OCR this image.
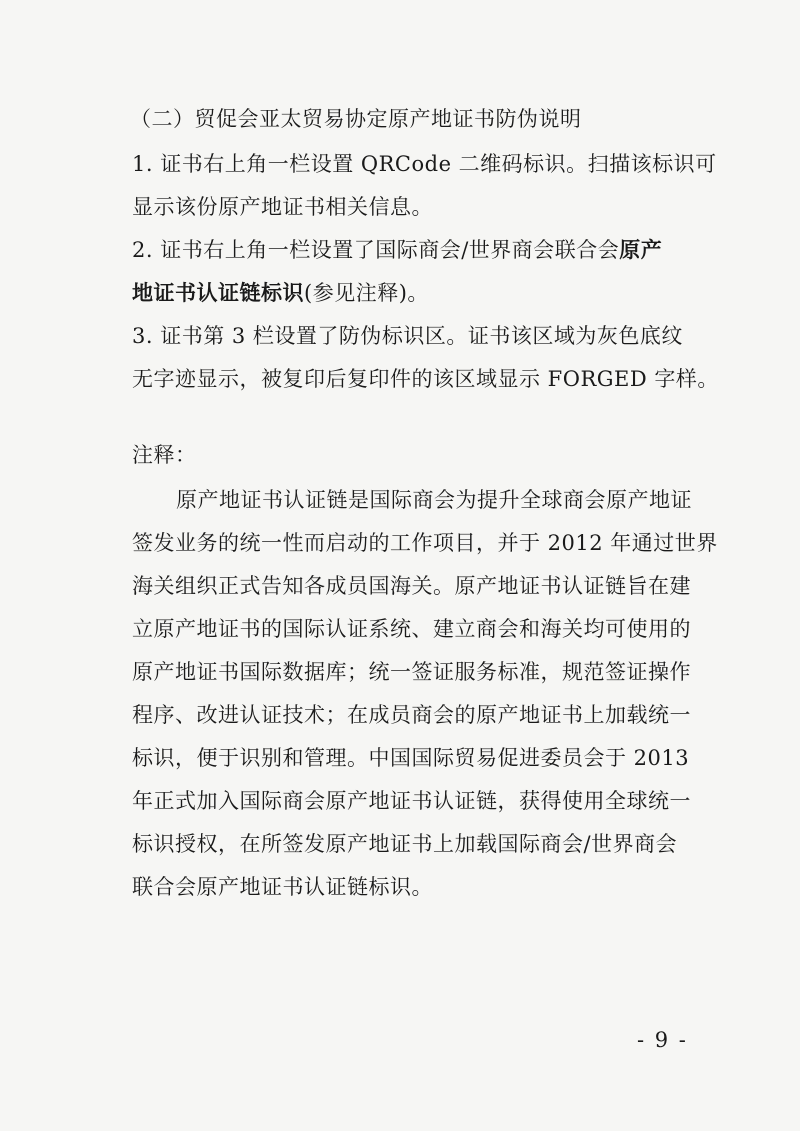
（二）贸促会亚太贸易协定原产地证书防伪说明

1. 证书右上角一栏设置 QRCode 二维码标识。扫描该标识可

显示该份原产地证书相关信息。

2. 证书右上角一栏设置了国际商会/世界商会联合会原产

地证书认证链标识(参见注释)。

3. 证书第 3 栏设置了防伪标识区。证书该区域为灰色底纹

无字迹显示，被复印后复印件的该区域显示 FORGED 字样。

注释：

原产地证书认证链是国际商会为提升全球商会原产地证

签发业务的统一性而启动的工作项目，并于 2012 年通过世界

海关组织正式告知各成员国海关。原产地证书认证链旨在建

立原产地证书的国际认证系统、建立商会和海关均可使用的

原产地证书国际数据库；统一签证服务标准，规范签证操作

程序、改进认证技术；在成员商会的原产地证书上加载统一

标识，便于识别和管理。中国国际贸易促进委员会于 2013

年正式加入国际商会原产地证书认证链，获得使用全球统一

标识授权，在所签发原产地证书上加载国际商会/世界商会

联合会原产地证书认证链标识。

- 9 -
